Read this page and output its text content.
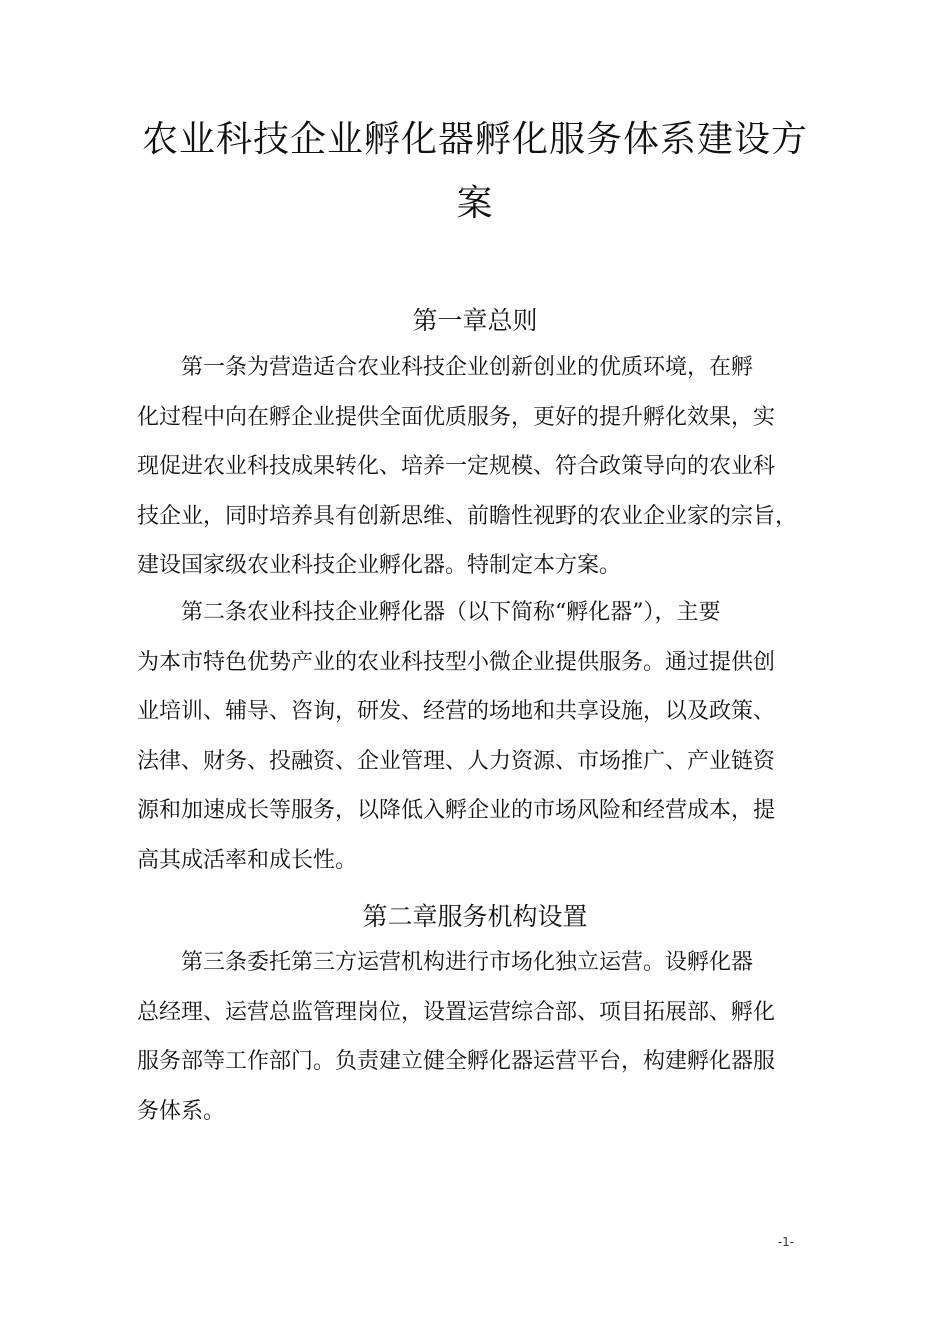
农业科技企业孵化器孵化服务体系建设方
案
第一章总则
　　第一条为营造适合农业科技企业创新创业的优质环境，在孵
化过程中向在孵企业提供全面优质服务，更好的提升孵化效果，实
现促进农业科技成果转化、培养一定规模、符合政策导向的农业科
技企业，同时培养具有创新思维、前瞻性视野的农业企业家的宗旨，
建设国家级农业科技企业孵化器。特制定本方案。
　　第二条农业科技企业孵化器（以下简称“孵化器”），主要
为本市特色优势产业的农业科技型小微企业提供服务。通过提供创
业培训、辅导、咨询，研发、经营的场地和共享设施，以及政策、
法律、财务、投融资、企业管理、人力资源、市场推广、产业链资
源和加速成长等服务，以降低入孵企业的市场风险和经营成本，提
高其成活率和成长性。
第二章服务机构设置
　　第三条委托第三方运营机构进行市场化独立运营。设孵化器
总经理、运营总监管理岗位，设置运营综合部、项目拓展部、孵化
服务部等工作部门。负责建立健全孵化器运营平台，构建孵化器服
务体系。
-1-
